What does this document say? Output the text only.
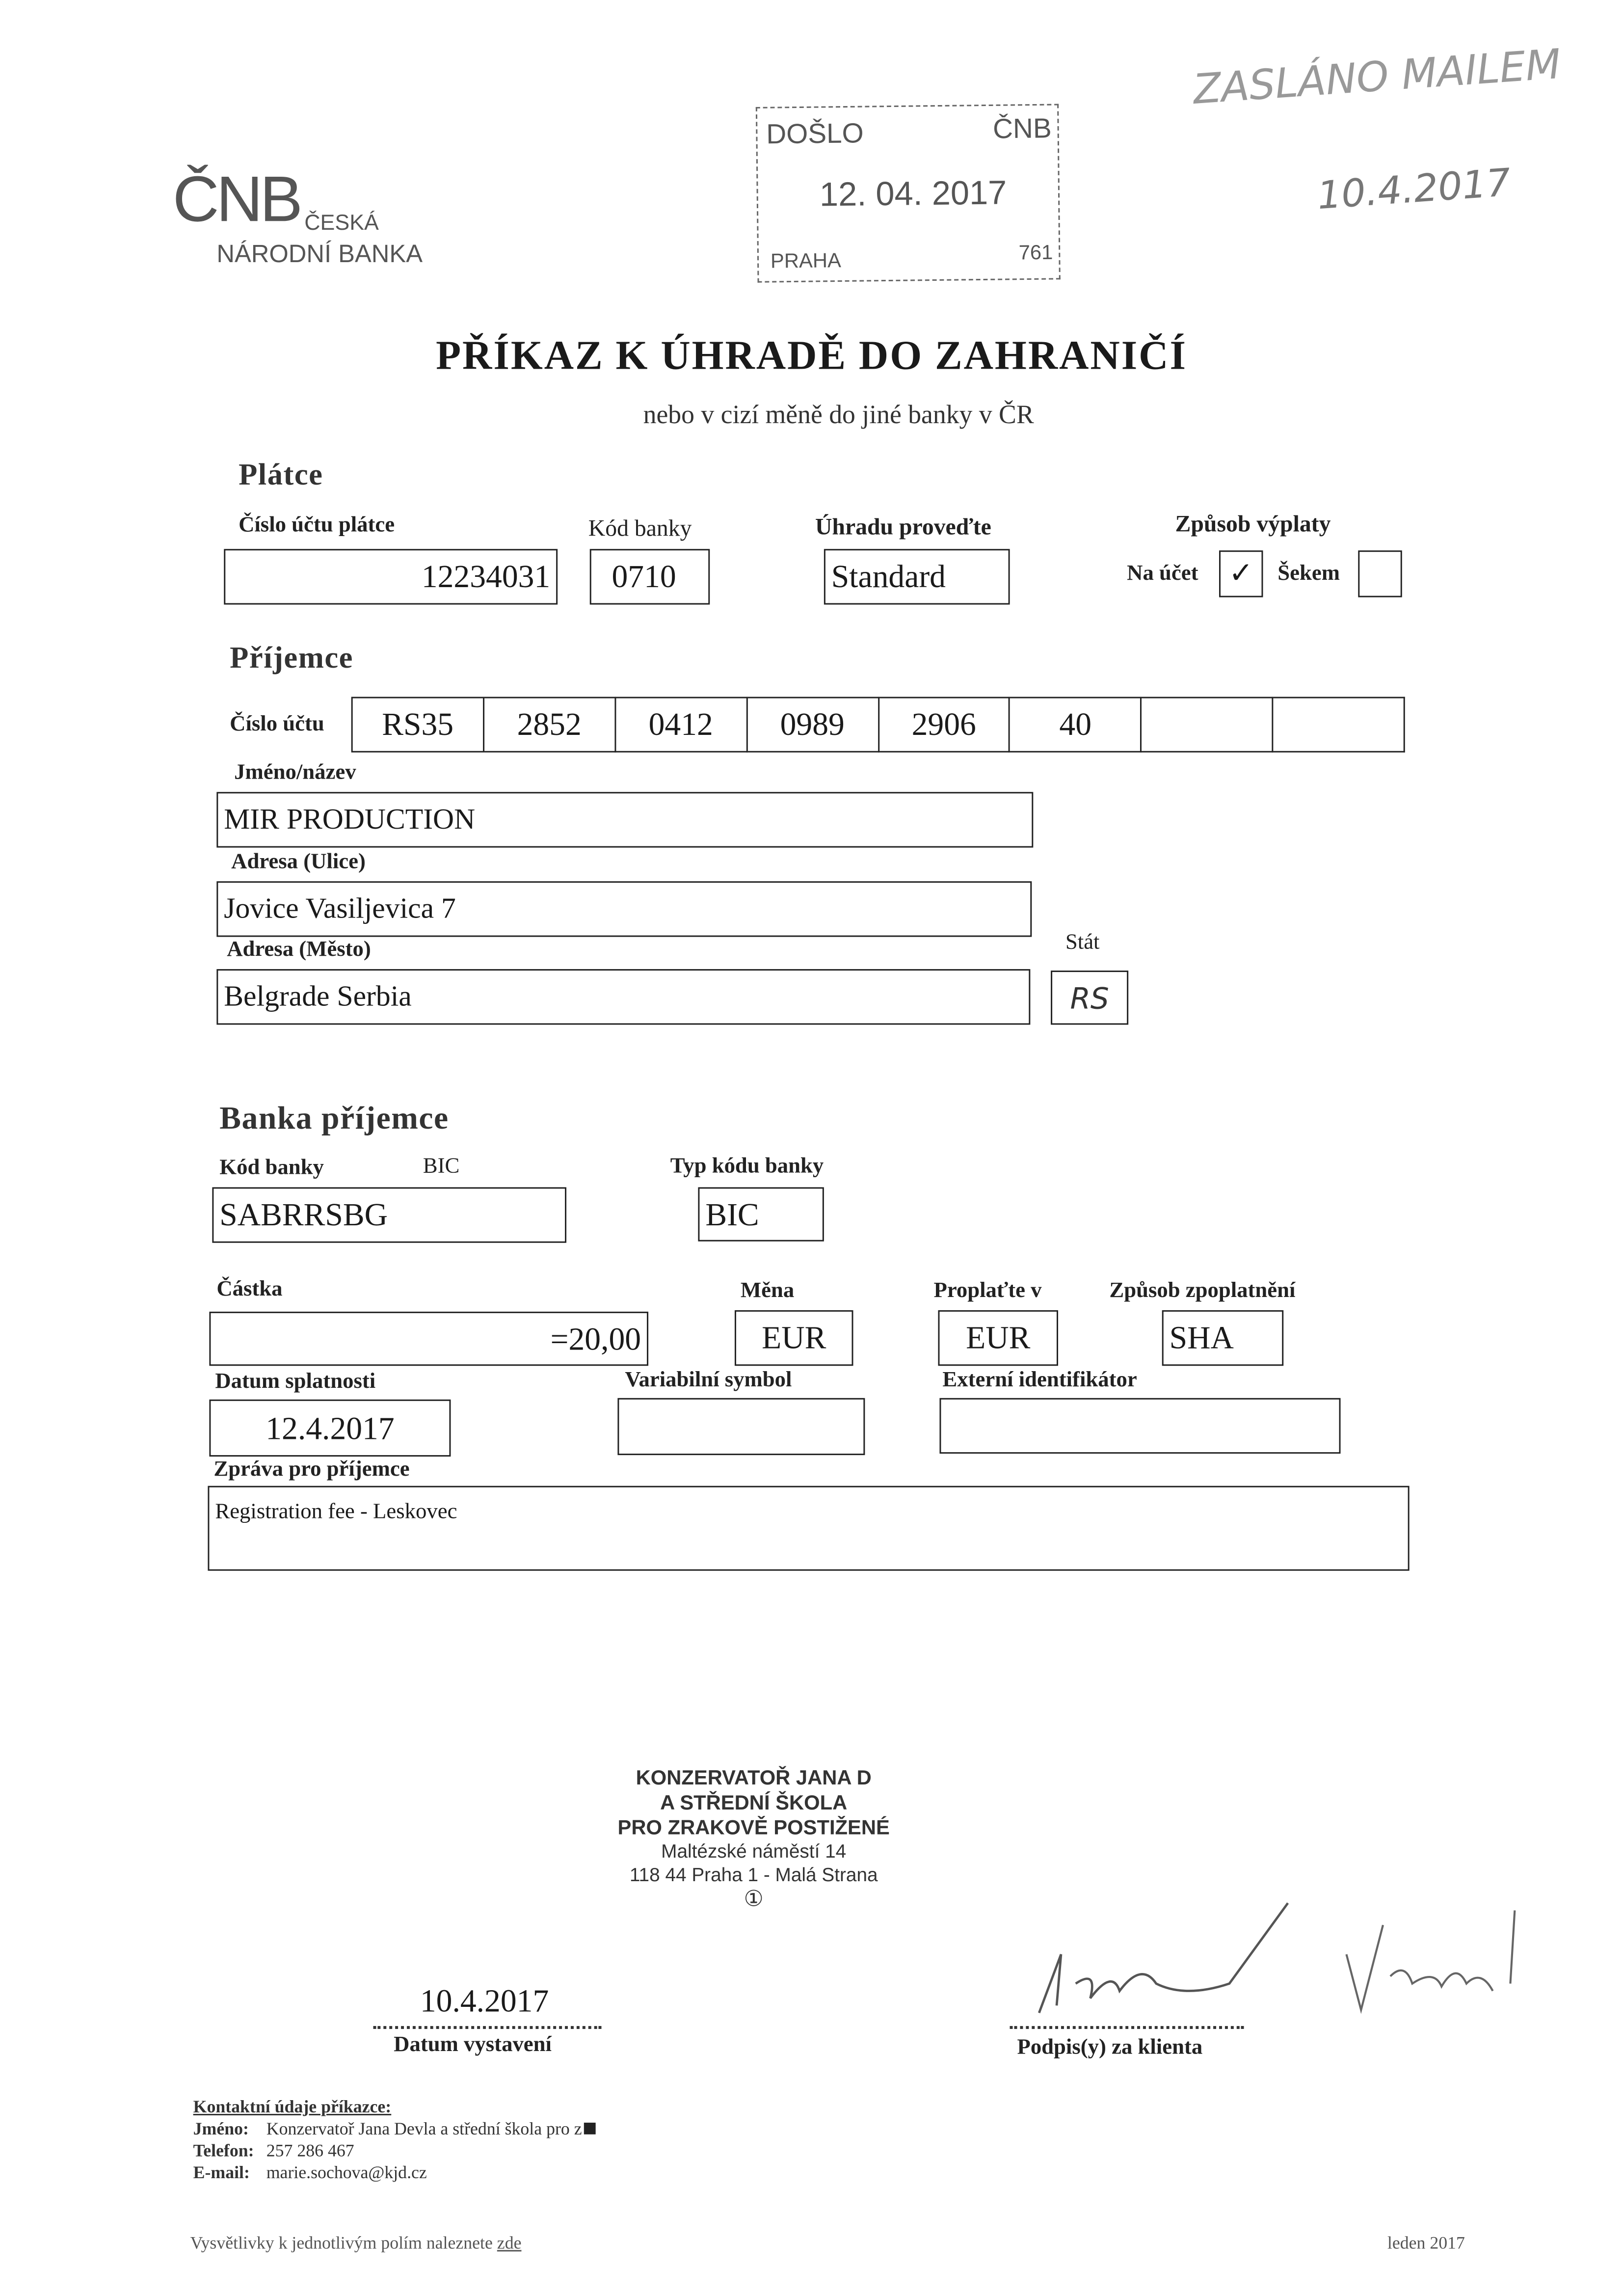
ČNB ČESKÁ
NÁRODNÍ BANKA
DOŠLO	ČNB
12. 04. 2017
PRAHA	761
ZASLÁNO MAILEM
10.4.2017
PŘÍKAZ K ÚHRADĚ DO ZAHRANIČÍ
nebo v cizí měně do jiné banky v ČR
Plátce
Číslo účtu plátce	Kód banky	Úhradu proveďte	Způsob výplaty
12234031	0710	Standard	Na účet	✓	Šekem
Příjemce
Číslo účtu	RS35	2852	0412	0989	2906	40
Jméno/název
MIR PRODUCTION
Adresa (Ulice)
Jovice Vasiljevica 7
Adresa (Město)
Belgrade Serbia
Stát
RS
Banka příjemce
Kód banky	BIC	Typ kódu banky
SABRRSBG	BIC
Částka	Měna	Proplaťte v	Způsob zpoplatnění
=20,00	EUR	EUR	SHA
Datum splatnosti	Variabilní symbol	Externí identifikátor
12.4.2017
Zpráva pro příjemce
Registration fee - Leskovec
KONZERVATOŘ JANA D
A STŘEDNÍ ŠKOLA
PRO ZRAKOVĚ POSTIŽENÉ
Maltézské náměstí 14
118 44 Praha 1 - Malá Strana
①
10.4.2017
Datum vystavení	Podpis(y) za klienta
Kontaktní údaje příkazce:
Jméno:	Konzervatoř Jana Devla a střední škola pro z
Telefon: 257 286 467
E-mail:	marie.sochova@kjd.cz
Vysvětlivky k jednotlivým polím naleznete zde	leden 2017
